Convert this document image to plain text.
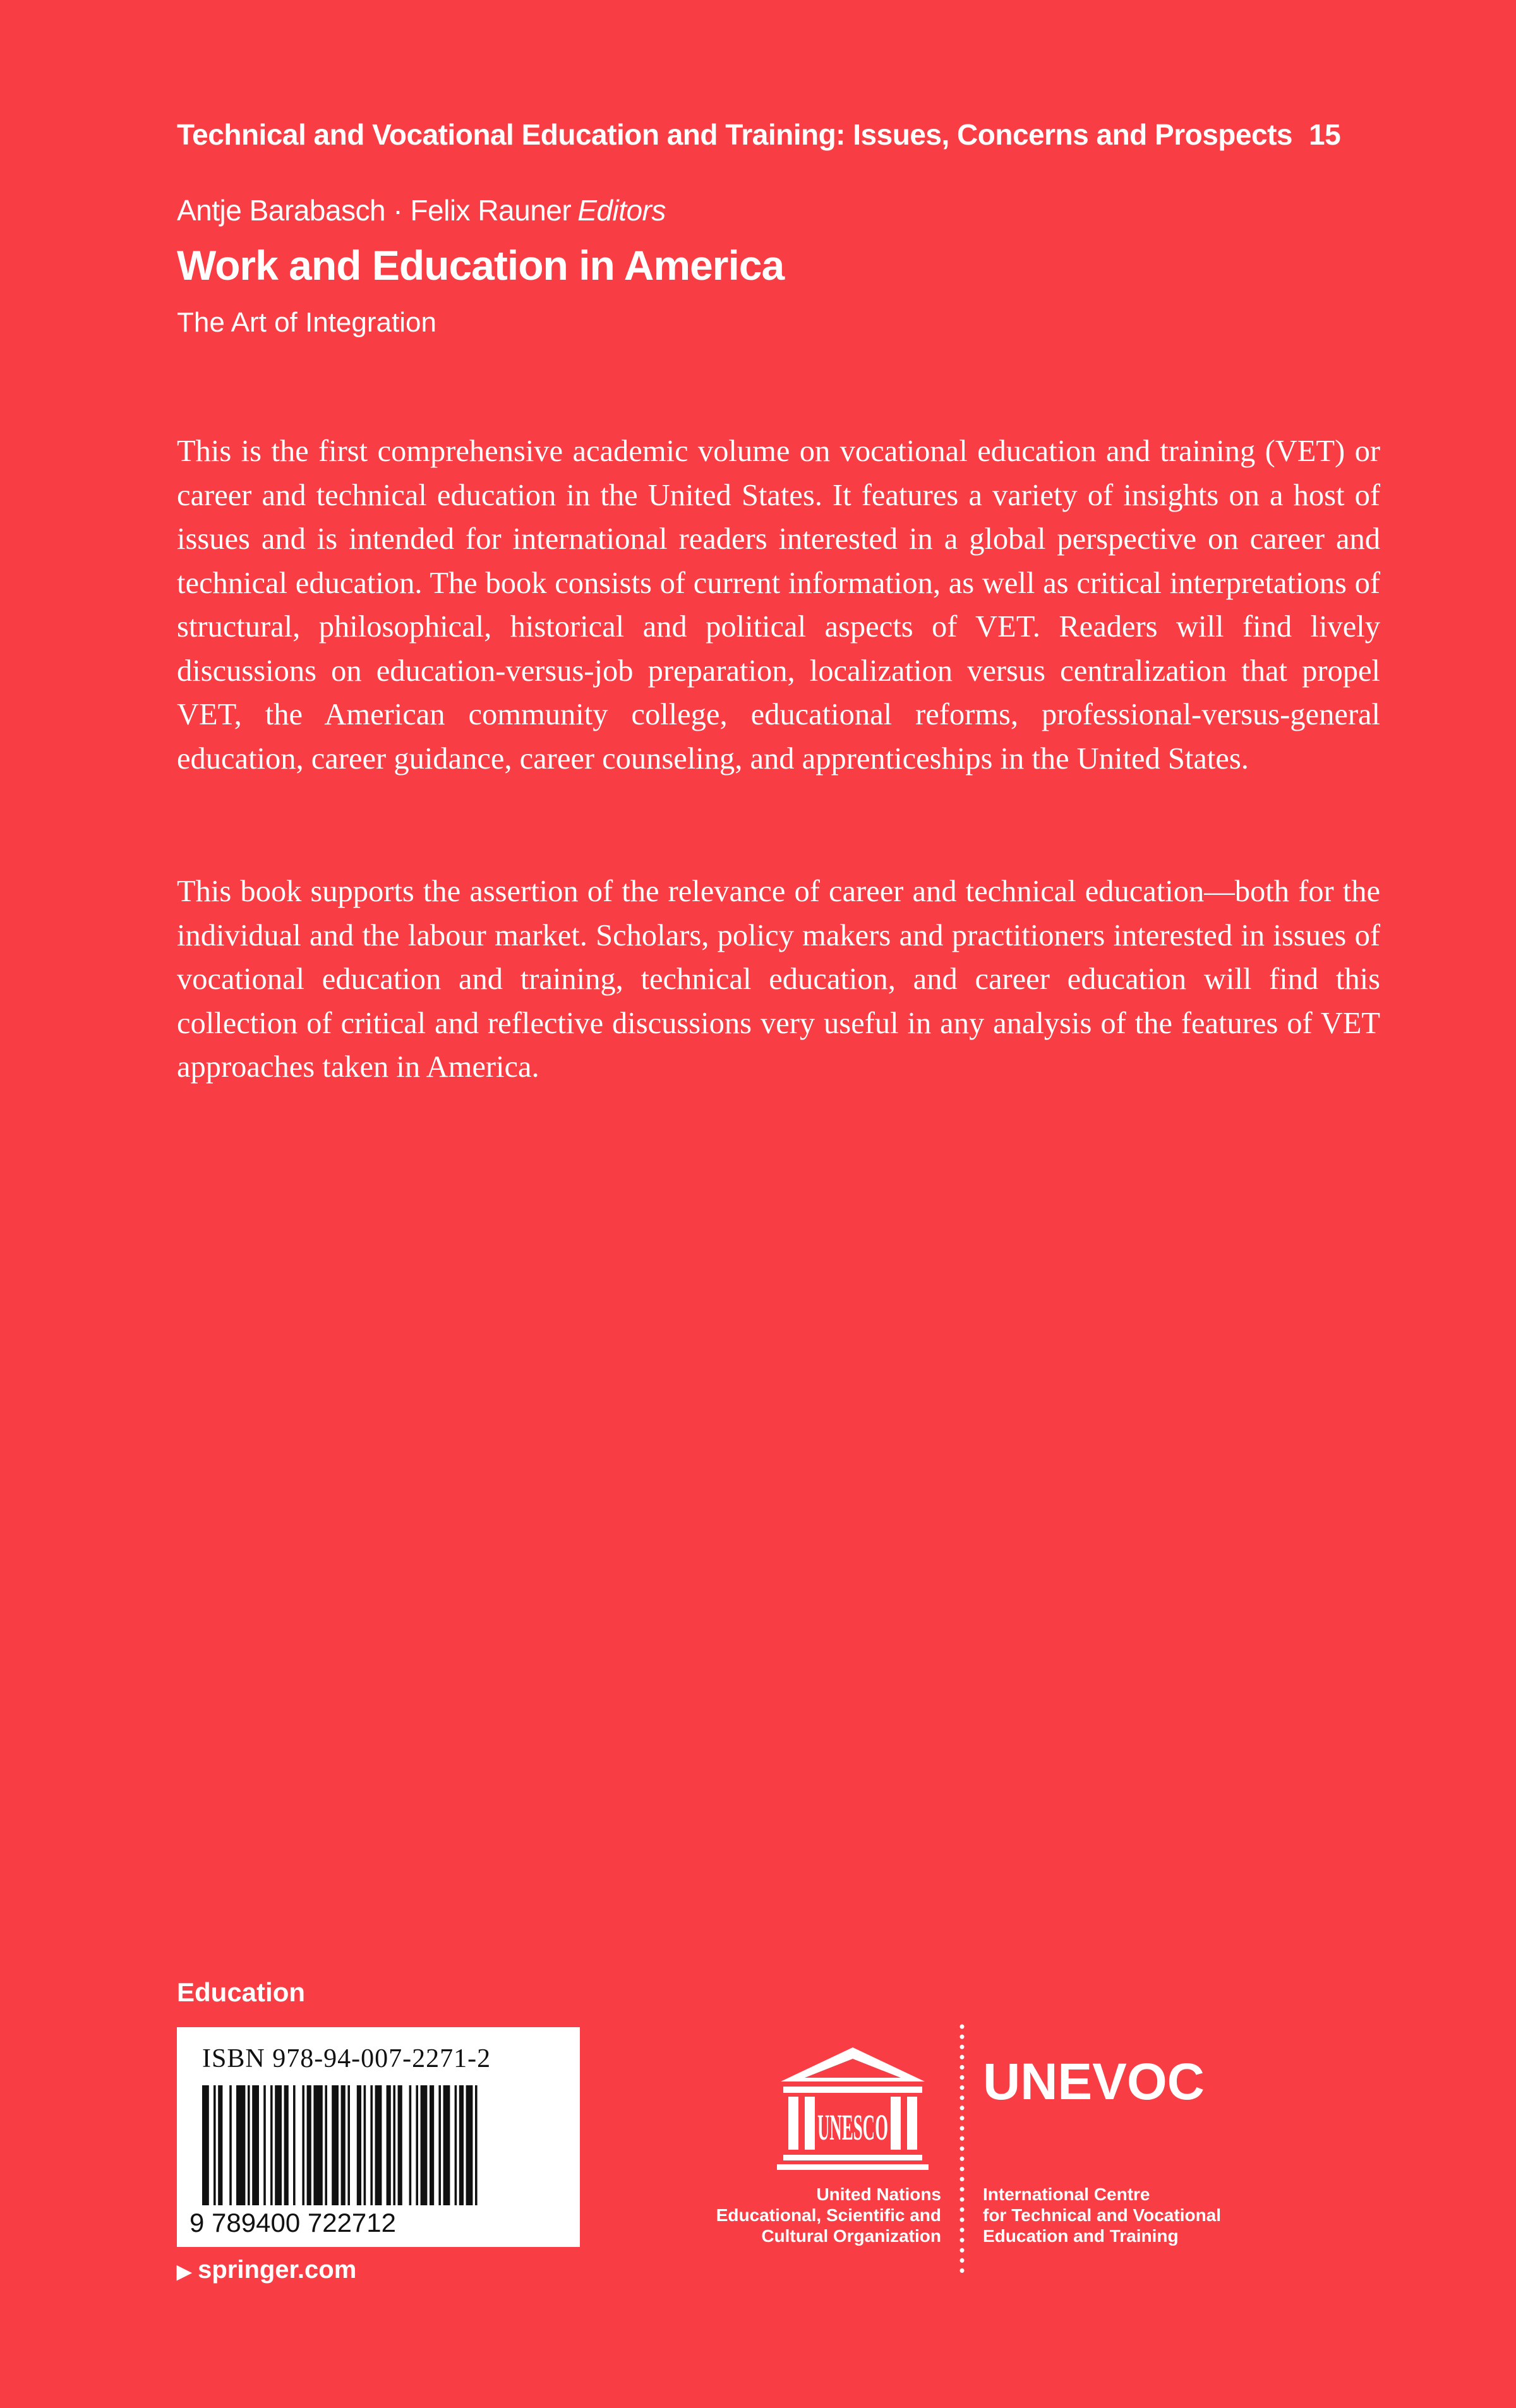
Technical and Vocational Education and Training: Issues, Concerns and Prospects 15
Antje Barabasch · Felix Rauner Editors
Work and Education in America
The Art of Integration

This is the first comprehensive academic volume on vocational education and training (VET) or career and technical education in the United States. It features a variety of insights on a host of issues and is intended for international readers interested in a global perspective on career and technical education. The book consists of current information, as well as critical interpretations of structural, philosophical, historical and political aspects of VET. Readers will find lively discussions on education-versus-job preparation, localization versus centralization that propel VET, the American community college, educational reforms, professional-versus-general education, career guidance, career counseling, and apprenticeships in the United States.

This book supports the assertion of the relevance of career and technical education—both for the individual and the labour market. Scholars, policy makers and practitioners interested in issues of vocational education and training, technical education, and career education will find this collection of critical and reflective discussions very useful in any analysis of the features of VET approaches taken in America.

Education
ISBN 978-94-007-2271-2
9 789400 722712
▶ springer.com
UNESCO
United Nations
Educational, Scientific and
Cultural Organization
UNEVOC
International Centre
for Technical and Vocational
Education and Training
